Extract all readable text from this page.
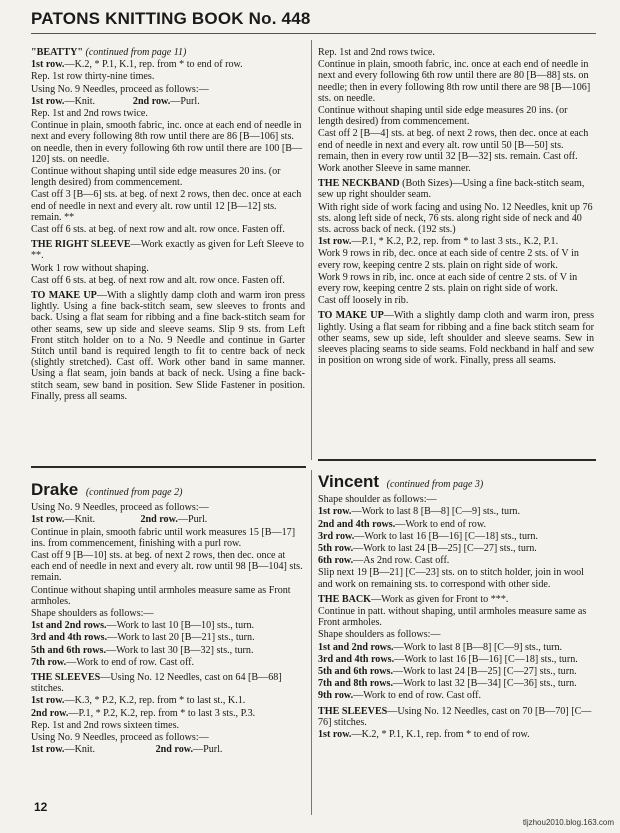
PATONS KNITTING BOOK No. 448

"BEATTY" (continued from page 11)

1st row.—K.2, * P.1, K.1, rep. from * to end of row.

Rep. 1st row thirty-nine times.

Using No. 9 Needles, proceed as follows:—

1st row.—Knit.	2nd row.—Purl.

Rep. 1st and 2nd rows twice.

Continue in plain, smooth fabric, inc. once at each end of needle in next and every following 8th row until there are 86 [B—106] sts. on needle, then in every following 6th row until there are 100 [B—120] sts. on needle.

Continue without shaping until side edge measures 20 ins. (or length desired) from commencement.

Cast off 3 [B—6] sts. at beg. of next 2 rows, then dec. once at each end of needle in next and every alt. row until 12 [B—12] sts. remain. **

Cast off 6 sts. at beg. of next row and alt. row once. Fasten off.

THE RIGHT SLEEVE—Work exactly as given for Left Sleeve to **.

Work 1 row without shaping.

Cast off 6 sts. at beg. of next row and alt. row once. Fasten off.

TO MAKE UP—With a slightly damp cloth and warm iron press lightly. Using a fine back-stitch seam, sew sleeves to fronts and back. Using a flat seam for ribbing and a fine back-stitch seam for other seams, sew up side and sleeve seams. Slip 9 sts. from Left Front stitch holder on to a No. 9 Needle and continue in Garter Stitch until band is required length to fit to centre back of neck (slightly stretched). Cast off. Work other band in same manner. Using a flat seam, join bands at back of neck. Using a fine back-stitch seam, sew band in position. Sew Slide Fastener in position. Finally, press all seams.

Rep. 1st and 2nd rows twice.

Continue in plain, smooth fabric, inc. once at each end of needle in next and every following 6th row until there are 80 [B—88] sts. on needle; then in every following 8th row until there are 98 [B—106] sts. on needle.

Continue without shaping until side edge measures 20 ins. (or length desired) from commencement.

Cast off 2 [B—4] sts. at beg. of next 2 rows, then dec. once at each end of needle in next and every alt. row until 50 [B—50] sts. remain, then in every row until 32 [B—32] sts. remain. Cast off.

Work another Sleeve in same manner.

THE NECKBAND (Both Sizes)—Using a fine back-stitch seam, sew up right shoulder seam.

With right side of work facing and using No. 12 Needles, knit up 76 sts. along left side of neck, 76 sts. along right side of neck and 40 sts. across back of neck. (192 sts.)

1st row.—P.1, * K.2, P.2, rep. from * to last 3 sts., K.2, P.1.

Work 9 rows in rib, dec. once at each side of centre 2 sts. of V in every row, keeping centre 2 sts. plain on right side of work.

Work 9 rows in rib, inc. once at each side of centre 2 sts. of V in every row, keeping centre 2 sts. plain on right side of work.

Cast off loosely in rib.

TO MAKE UP—With a slightly damp cloth and warm iron, press lightly. Using a flat seam for ribbing and a fine back stitch seam for other seams, sew up side, left shoulder and sleeve seams. Sew in sleeves placing seams to side seams. Fold neckband in half and sew in position on wrong side of work. Finally, press all seams.

Drake (continued from page 2)

Using No. 9 Needles, proceed as follows:—

1st row.—Knit.	2nd row.—Purl.

Continue in plain, smooth fabric until work measures 15 [B—17] ins. from commencement, finishing with a purl row.

Cast off 9 [B—10] sts. at beg. of next 2 rows, then dec. once at each end of needle in next and every alt. row until 98 [B—104] sts. remain.

Continue without shaping until armholes measure same as Front armholes.

Shape shoulders as follows:—

1st and 2nd rows.—Work to last 10 [B—10] sts., turn.

3rd and 4th rows.—Work to last 20 [B—21] sts., turn.

5th and 6th rows.—Work to last 30 [B—32] sts., turn.

7th row.—Work to end of row. Cast off.

THE SLEEVES—Using No. 12 Needles, cast on 64 [B—68] stitches.

1st row.—K.3, * P.2, K.2, rep. from * to last st., K.1.

2nd row.—P.1, * P.2, K.2, rep. from * to last 3 sts., P.3.

Rep. 1st and 2nd rows sixteen times.

Using No. 9 Needles, proceed as follows:—

1st row.—Knit.	2nd row.—Purl.

Vincent (continued from page 3)

Shape shoulder as follows:—

1st row.—Work to last 8 [B—8] [C—9] sts., turn.

2nd and 4th rows.—Work to end of row.

3rd row.—Work to last 16 [B—16] [C—18] sts., turn.

5th row.—Work to last 24 [B—25] [C—27] sts., turn.

6th row.—As 2nd row. Cast off.

Slip next 19 [B—21] [C—23] sts. on to stitch holder, join in wool and work on remaining sts. to correspond with other side.

THE BACK—Work as given for Front to ***.

Continue in patt. without shaping, until armholes measure same as Front armholes.

Shape shoulders as follows:—

1st and 2nd rows.—Work to last 8 [B—8] [C—9] sts., turn.

3rd and 4th rows.—Work to last 16 [B—16] [C—18] sts., turn.

5th and 6th rows.—Work to last 24 [B—25] [C—27] sts., turn.

7th and 8th rows.—Work to last 32 [B—34] [C—36] sts., turn.

9th row.—Work to end of row. Cast off.

THE SLEEVES—Using No. 12 Needles, cast on 70 [B—70] [C—76] stitches.

1st row.—K.2, * P.1, K.1, rep. from * to end of row.

12
tljzhou2010.blog.163.com
